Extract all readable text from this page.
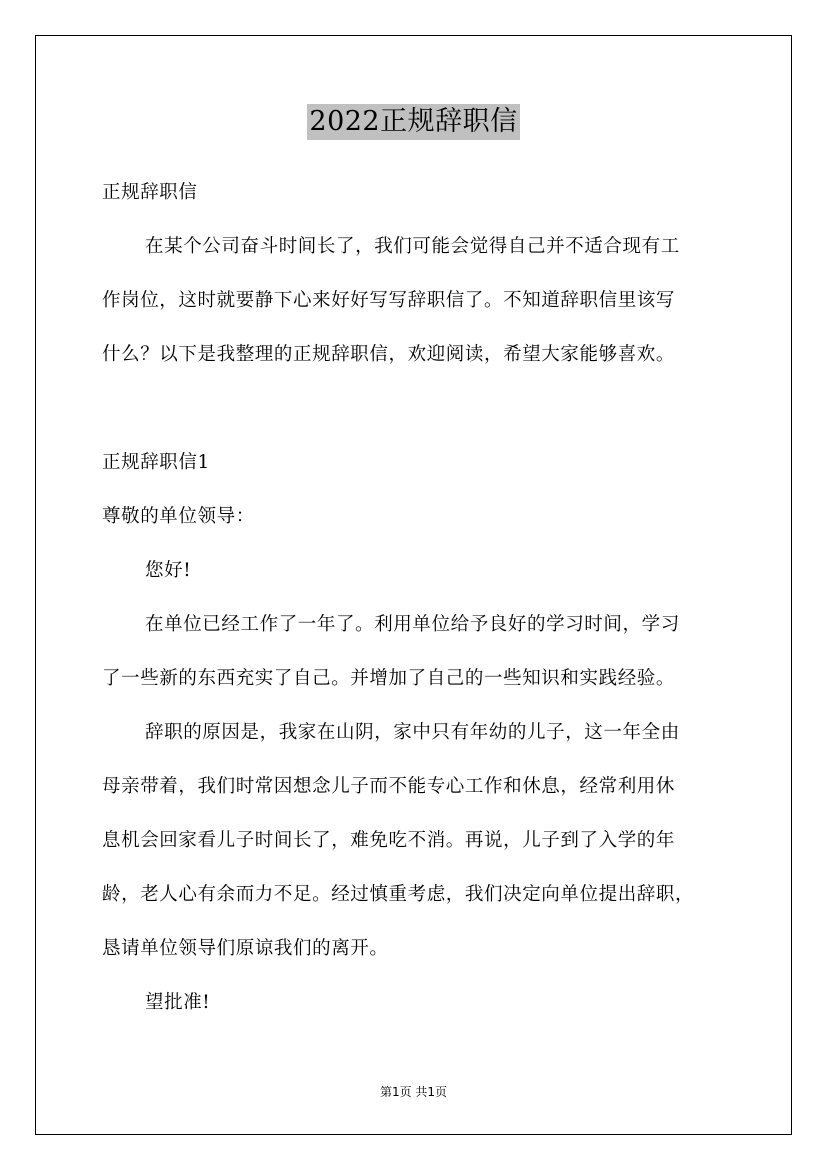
2022正规辞职信
正规辞职信
在某个公司奋斗时间长了，我们可能会觉得自己并不适合现有工
作岗位，这时就要静下心来好好写写辞职信了。不知道辞职信里该写
什么？以下是我整理的正规辞职信，欢迎阅读，希望大家能够喜欢。
正规辞职信1
尊敬的单位领导：
您好!
在单位已经工作了一年了。利用单位给予良好的学习时间，学习
了一些新的东西充实了自己。并增加了自己的一些知识和实践经验。
辞职的原因是，我家在山阴，家中只有年幼的儿子，这一年全由
母亲带着，我们时常因想念儿子而不能专心工作和休息，经常利用休
息机会回家看儿子时间长了，难免吃不消。再说，儿子到了入学的年
龄，老人心有余而力不足。经过慎重考虑，我们决定向单位提出辞职，
恳请单位领导们原谅我们的离开。
望批准!
第1页 共1页
